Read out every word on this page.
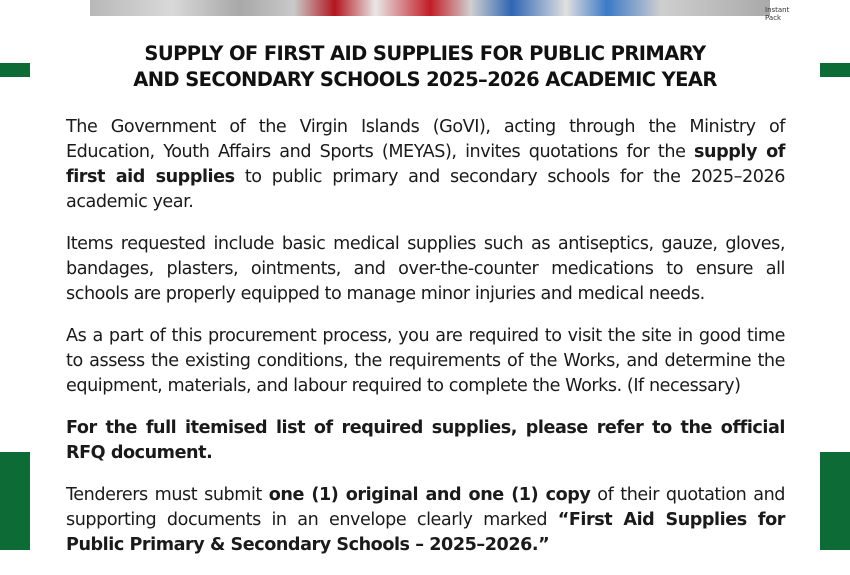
Instant Pack
SUPPLY OF FIRST AID SUPPLIES FOR PUBLIC PRIMARY
AND SECONDARY SCHOOLS 2025–2026 ACADEMIC YEAR

The Government of the Virgin Islands (GoVI), acting through the Ministry of Education, Youth Affairs and Sports (MEYAS), invites quotations for the supply of first aid supplies to public primary and secondary schools for the 2025–2026 academic year.

Items requested include basic medical supplies such as antiseptics, gauze, gloves, bandages, plasters, ointments, and over-the-counter medications to ensure all schools are properly equipped to manage minor injuries and medical needs.

As a part of this procurement process, you are required to visit the site in good time to assess the existing conditions, the requirements of the Works, and determine the equipment, materials, and labour required to complete the Works. (If necessary)

For the full itemised list of required supplies, please refer to the official RFQ document.

Tenderers must submit one (1) original and one (1) copy of their quotation and supporting documents in an envelope clearly marked “First Aid Supplies for Public Primary & Secondary Schools – 2025–2026.”
